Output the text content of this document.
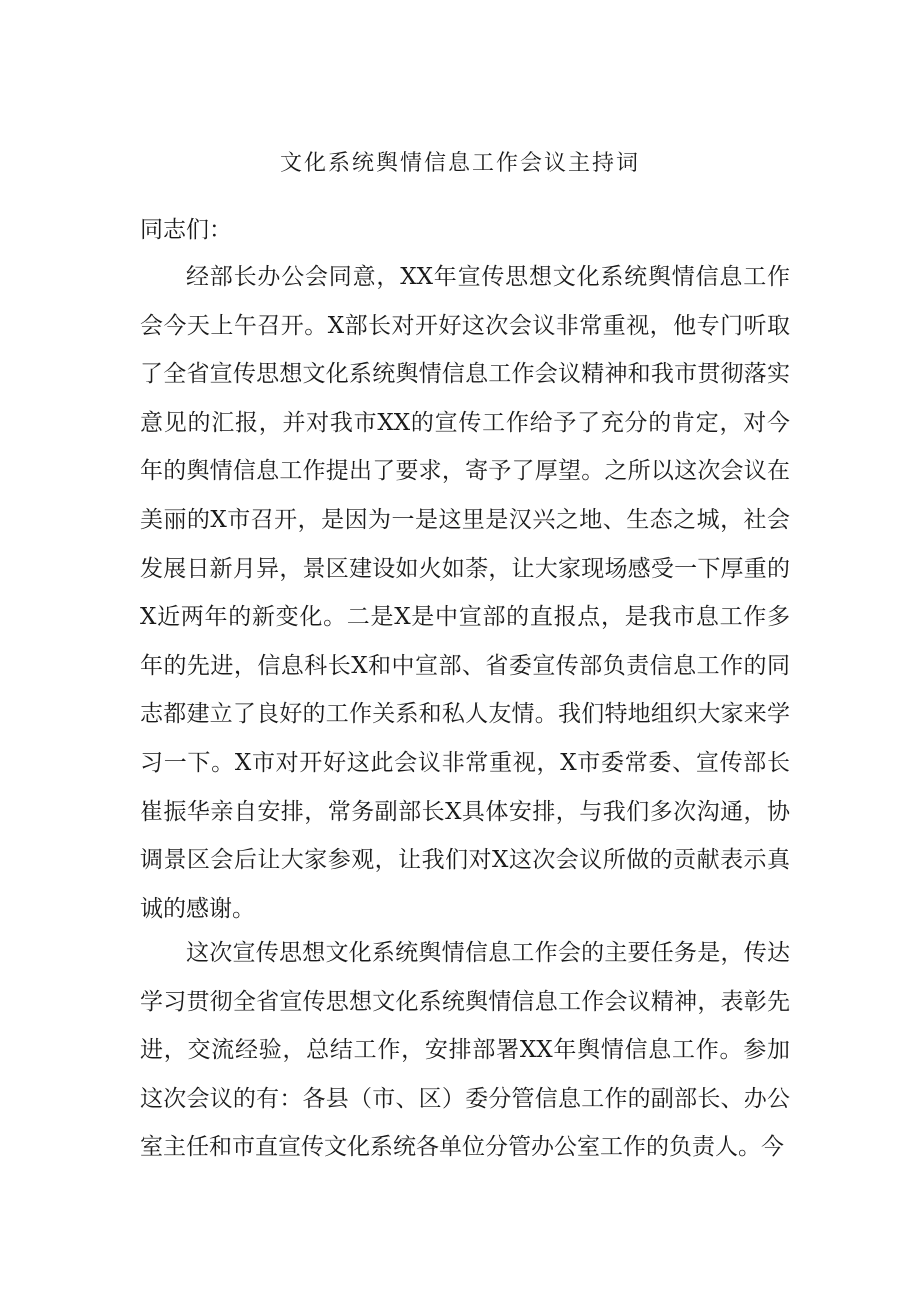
文化系统舆情信息工作会议主持词

同志们：

经部长办公会同意，XX年宣传思想文化系统舆情信息工作会今天上午召开。X部长对开好这次会议非常重视，他专门听取了全省宣传思想文化系统舆情信息工作会议精神和我市贯彻落实意见的汇报，并对我市XX的宣传工作给予了充分的肯定，对今年的舆情信息工作提出了要求，寄予了厚望。之所以这次会议在美丽的X市召开，是因为一是这里是汉兴之地、生态之城，社会发展日新月异，景区建设如火如荼，让大家现场感受一下厚重的X近两年的新变化。二是X是中宣部的直报点，是我市息工作多年的先进，信息科长X和中宣部、省委宣传部负责信息工作的同志都建立了良好的工作关系和私人友情。我们特地组织大家来学习一下。X市对开好这此会议非常重视，X市委常委、宣传部长崔振华亲自安排，常务副部长X具体安排，与我们多次沟通，协调景区会后让大家参观，让我们对X这次会议所做的贡献表示真诚的感谢。

这次宣传思想文化系统舆情信息工作会的主要任务是，传达学习贯彻全省宣传思想文化系统舆情信息工作会议精神，表彰先进，交流经验，总结工作，安排部署XX年舆情信息工作。参加这次会议的有：各县（市、区）委分管信息工作的副部长、办公室主任和市直宣传文化系统各单位分管办公室工作的负责人。今
